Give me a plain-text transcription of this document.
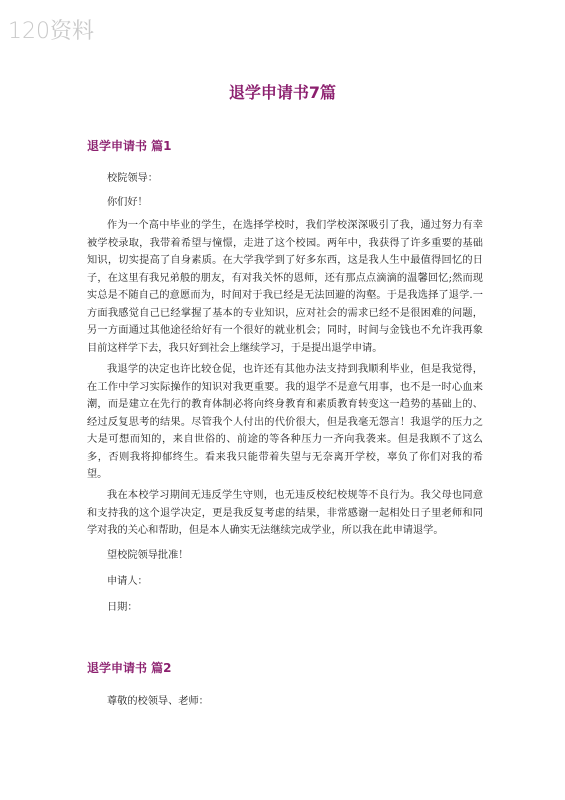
120资料
退学申请书7篇
退学申请书 篇1

校院领导：

你们好！

作为一个高中毕业的学生，在选择学校时，我们学校深深吸引了我，通过努力有幸被学校录取，我带着希望与憧憬，走进了这个校园。两年中，我获得了许多重要的基础知识，切实提高了自身素质。在大学我学到了好多东西，这是我人生中最值得回忆的日子，在这里有我兄弟般的朋友，有对我关怀的恩师，还有那点点滴滴的温馨回忆;然而现实总是不随自己的意愿而为，时间对于我已经是无法回避的沟壑。于是我选择了退学.一方面我感觉自己已经掌握了基本的专业知识，应对社会的需求已经不是很困难的问题，另一方面通过其他途径给好有一个很好的就业机会；同时，时间与金钱也不允许我再象目前这样学下去，我只好到社会上继续学习，于是提出退学申请。

我退学的决定也许比较仓促，也许还有其他办法支持到我顺利毕业，但是我觉得，在工作中学习实际操作的知识对我更重要。我的退学不是意气用事，也不是一时心血来潮，而是建立在先行的教育体制必将向终身教育和素质教育转变这一趋势的基础上的、经过反复思考的结果。尽管我个人付出的代价很大，但是我毫无怨言！我退学的压力之大是可想而知的，来自世俗的、前途的等各种压力一齐向我袭来。但是我顾不了这么多，否则我将抑郁终生。看来我只能带着失望与无奈离开学校，辜负了你们对我的希望。

我在本校学习期间无违反学生守则，也无违反校纪校规等不良行为。我父母也同意和支持我的这个退学决定，更是我反复考虑的结果，非常感谢一起相处日子里老师和同学对我的关心和帮助，但是本人确实无法继续完成学业，所以我在此申请退学。

望校院领导批准！

申请人：

日期：

退学申请书 篇2

尊敬的校领导、老师：
